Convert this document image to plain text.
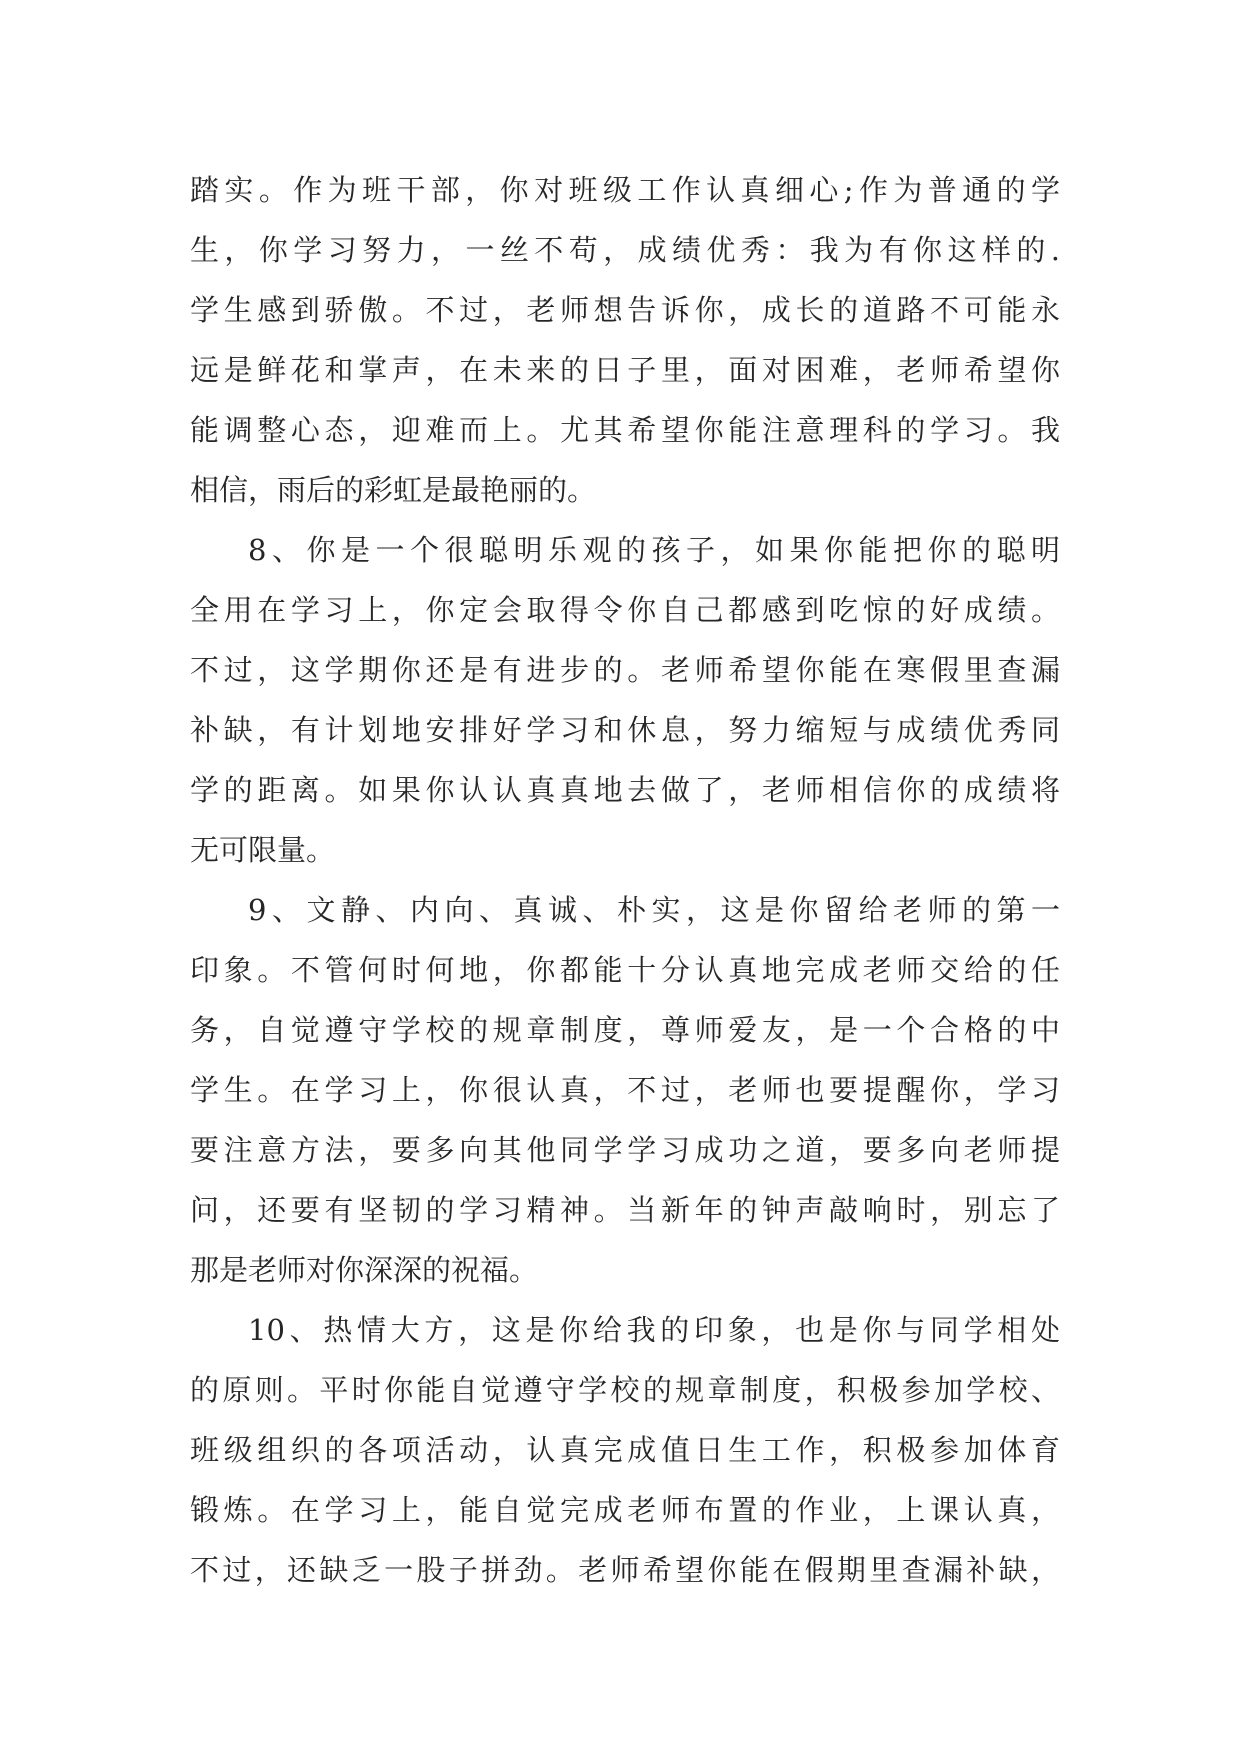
踏实。作为班干部，你对班级工作认真细心;作为普通的学
生，你学习努力，一丝不苟，成绩优秀：我为有你这样的.
学生感到骄傲。不过，老师想告诉你，成长的道路不可能永
远是鲜花和掌声，在未来的日子里，面对困难，老师希望你
能调整心态，迎难而上。尤其希望你能注意理科的学习。我
相信，雨后的彩虹是最艳丽的。
8、你是一个很聪明乐观的孩子，如果你能把你的聪明
全用在学习上，你定会取得令你自己都感到吃惊的好成绩。
不过，这学期你还是有进步的。老师希望你能在寒假里查漏
补缺，有计划地安排好学习和休息，努力缩短与成绩优秀同
学的距离。如果你认认真真地去做了，老师相信你的成绩将
无可限量。
9、文静、内向、真诚、朴实，这是你留给老师的第一
印象。不管何时何地，你都能十分认真地完成老师交给的任
务，自觉遵守学校的规章制度，尊师爱友，是一个合格的中
学生。在学习上，你很认真，不过，老师也要提醒你，学习
要注意方法，要多向其他同学学习成功之道，要多向老师提
问，还要有坚韧的学习精神。当新年的钟声敲响时，别忘了
那是老师对你深深的祝福。
10、热情大方，这是你给我的印象，也是你与同学相处
的原则。平时你能自觉遵守学校的规章制度，积极参加学校、
班级组织的各项活动，认真完成值日生工作，积极参加体育
锻炼。在学习上，能自觉完成老师布置的作业，上课认真，
不过，还缺乏一股子拼劲。老师希望你能在假期里查漏补缺，
